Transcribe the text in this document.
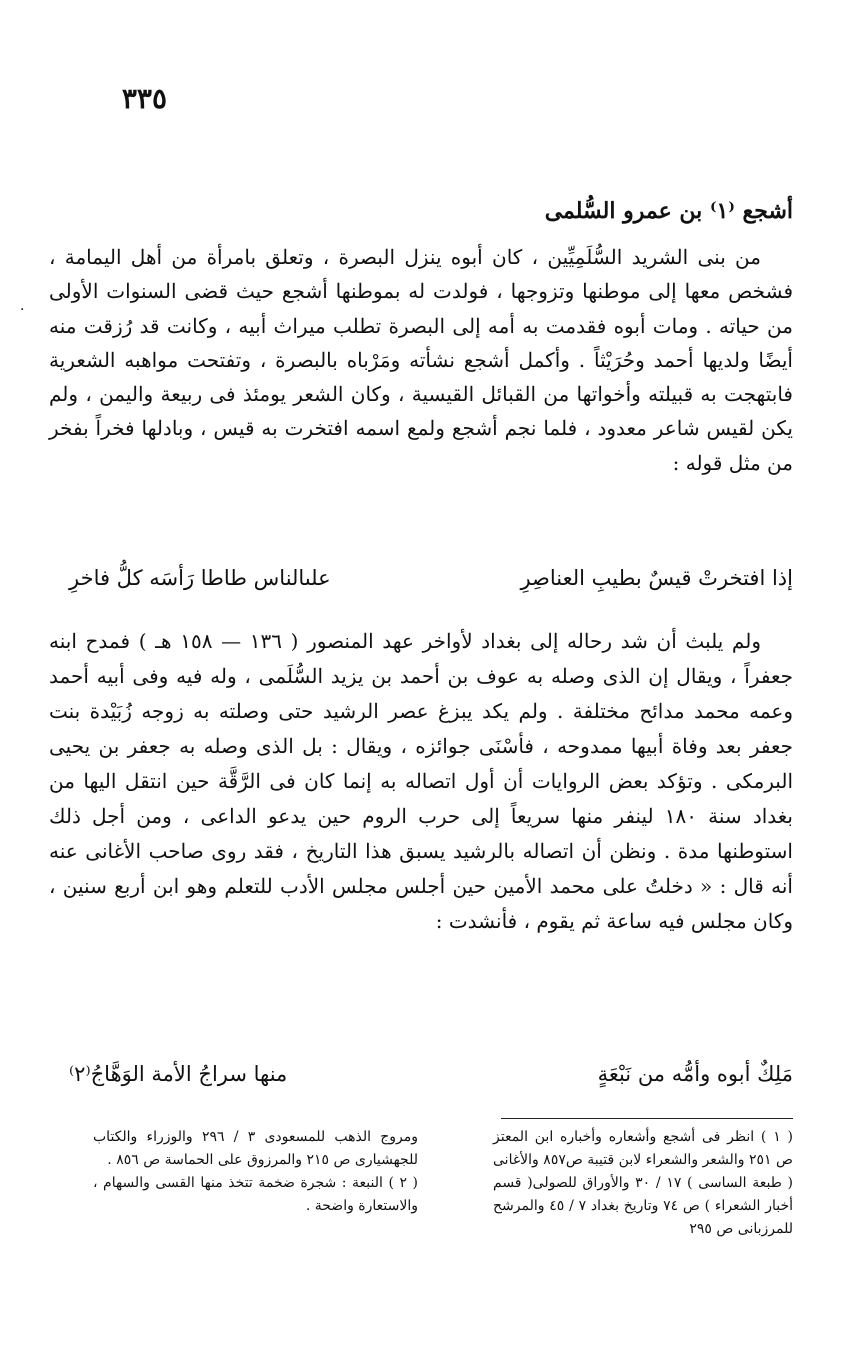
٣٣٥
.
أشجع ⁽١⁾ بن عمرو السُّلمى

من بنى الشريد السُّلَمِيِّين ، كان أبوه ينزل البصرة ، وتعلق بامرأة من أهل اليمامة ، فشخص معها إلى موطنها وتزوجها ، فولدت له بموطنها أشجع حيث قضى السنوات الأولى من حياته . ومات أبوه فقدمت به أمه إلى البصرة تطلب ميراث أبيه ، وكانت قد رُزقت منه أيضًا ولديها أحمد وحُرَيْثاً . وأكمل أشجع نشأته ومَرْباه بالبصرة ، وتفتحت مواهبه الشعرية فابتهجت به قبيلته وأخواتها من القبائل القيسية ، وكان الشعر يومئذ فى ربيعة واليمن ، ولم يكن لقيس شاعر معدود ، فلما نجم أشجع ولمع اسمه افتخرت به قيس ، وبادلها فخراً بفخر من مثل قوله :

إذا افتخرتْ قيسٌ بطيبِ العناصِرِ
علىالناس طاطا رَأسَه كلُّ فاخرِ

ولم يلبث أن شد رحاله إلى بغداد لأواخر عهد المنصور ( ١٣٦ — ١٥٨ هـ ) فمدح ابنه جعفراً ، ويقال إن الذى وصله به عوف بن أحمد بن يزيد السُّلَمى ، وله فيه وفى أبيه أحمد وعمه محمد مدائح مختلفة . ولم يكد يبزغ عصر الرشيد حتى وصلته به زوجه زُبَيْدة بنت جعفر بعد وفاة أبيها ممدوحه ، فأسْنَى جوائزه ، ويقال : بل الذى وصله به جعفر بن يحيى البرمكى . وتؤكد بعض الروايات أن أول اتصاله به إنما كان فى الرَّقَّة حين انتقل اليها من بغداد سنة ١٨٠ لينفر منها سريعاً إلى حرب الروم حين يدعو الداعى ، ومن أجل ذلك استوطنها مدة . ونظن أن اتصاله بالرشيد يسبق هذا التاريخ ، فقد روى صاحب الأغانى عنه أنه قال : « دخلتُ على محمد الأمين حين أجلس مجلس الأدب للتعلم وهو ابن أربع سنين ، وكان مجلس فيه ساعة ثم يقوم ، فأنشدت :

مَلِكٌ أبوه وأمُّه من نَبْعَةٍ
منها سراجُ الأمة الوَهَّاجُ⁽٢⁾

( ١ ) انظر فى أشجع وأشعاره وأخباره ابن المعتز ص ٢٥١ والشعر والشعراء لابن قتيبة ص٨٥٧ والأغانى ( طبعة الساسى ) ١٧ / ٣٠ والأوراق للصولى( قسم أخبار الشعراء ) ص ٧٤ وتاريخ بغداد ٧ / ٤٥ والمرشح للمرزبانى ص ٢٩٥

ومروج الذهب للمسعودى ٣ / ٢٩٦ والوزراء والكتاب للجهشيارى ص ٢١٥ والمرزوق على الحماسة ص ٨٥٦ .

( ٢ ) النبعة : شجرة ضخمة تتخذ منها القسى والسهام ، والاستعارة واضحة .
